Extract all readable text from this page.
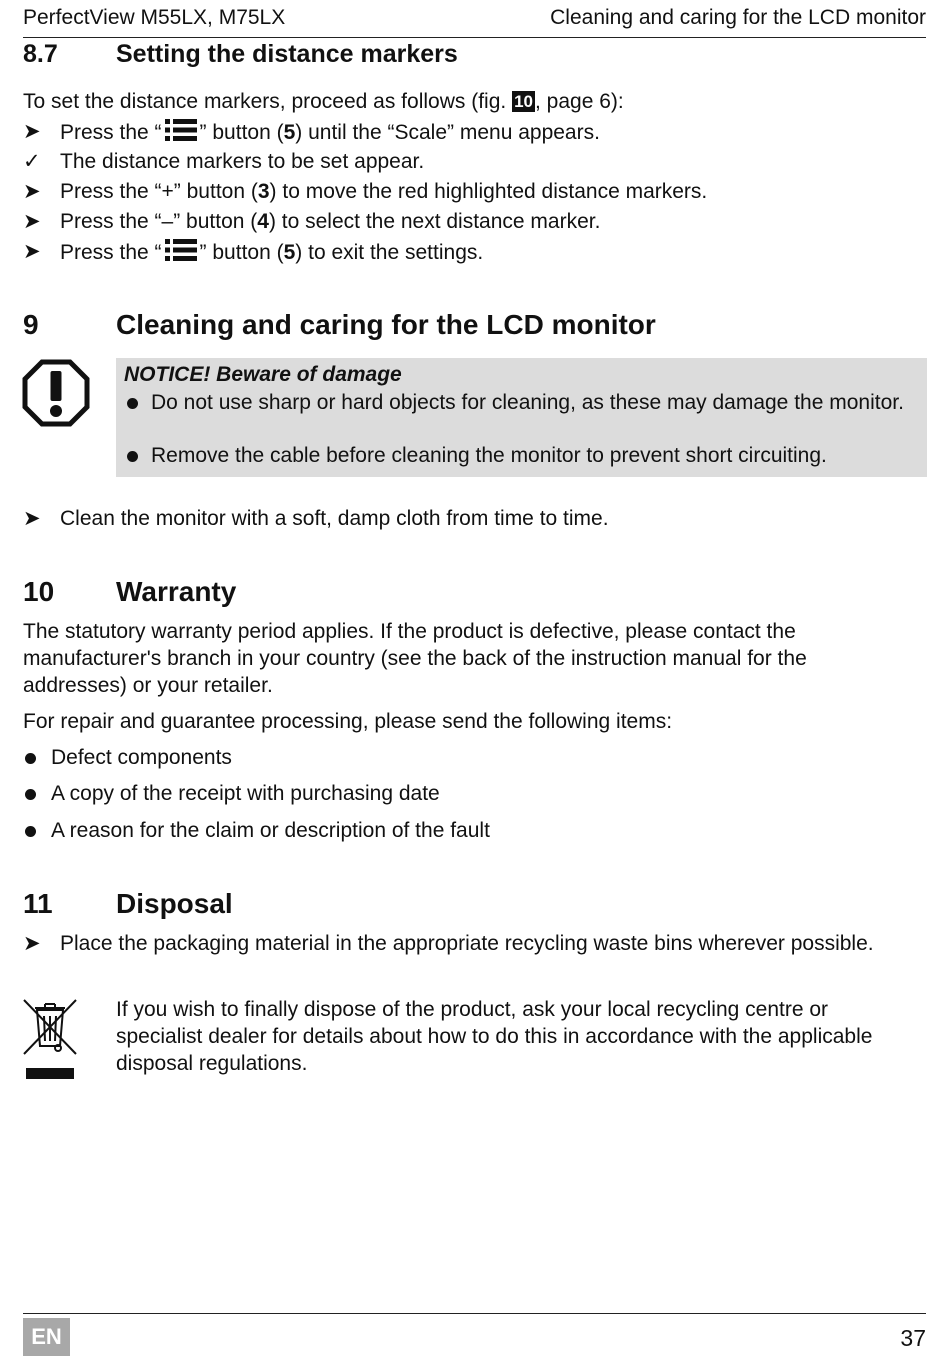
PerfectView M55LX, M75LX	Cleaning and caring for the LCD monitor
8.7 Setting the distance markers
To set the distance markers, proceed as follows (fig. 10, page 6):
➤ Press the “ ” button (5) until the “Scale” menu appears.
✓ The distance markers to be set appear.
➤ Press the “+” button (3) to move the red highlighted distance markers.
➤ Press the “–” button (4) to select the next distance marker.
➤ Press the “ ” button (5) to exit the settings.
9	Cleaning and caring for the LCD monitor
NOTICE! Beware of damage
Do not use sharp or hard objects for cleaning, as these may damage the monitor.
Remove the cable before cleaning the monitor to prevent short circuiting.
➤ Clean the monitor with a soft, damp cloth from time to time.
10 Warranty
The statutory warranty period applies. If the product is defective, please contact the manufacturer's branch in your country (see the back of the instruction manual for the addresses) or your retailer.
For repair and guarantee processing, please send the following items:
Defect components
A copy of the receipt with purchasing date
A reason for the claim or description of the fault
11 Disposal
➤ Place the packaging material in the appropriate recycling waste bins wherever possible.
If you wish to finally dispose of the product, ask your local recycling centre or specialist dealer for details about how to do this in accordance with the applicable disposal regulations.
EN	37
